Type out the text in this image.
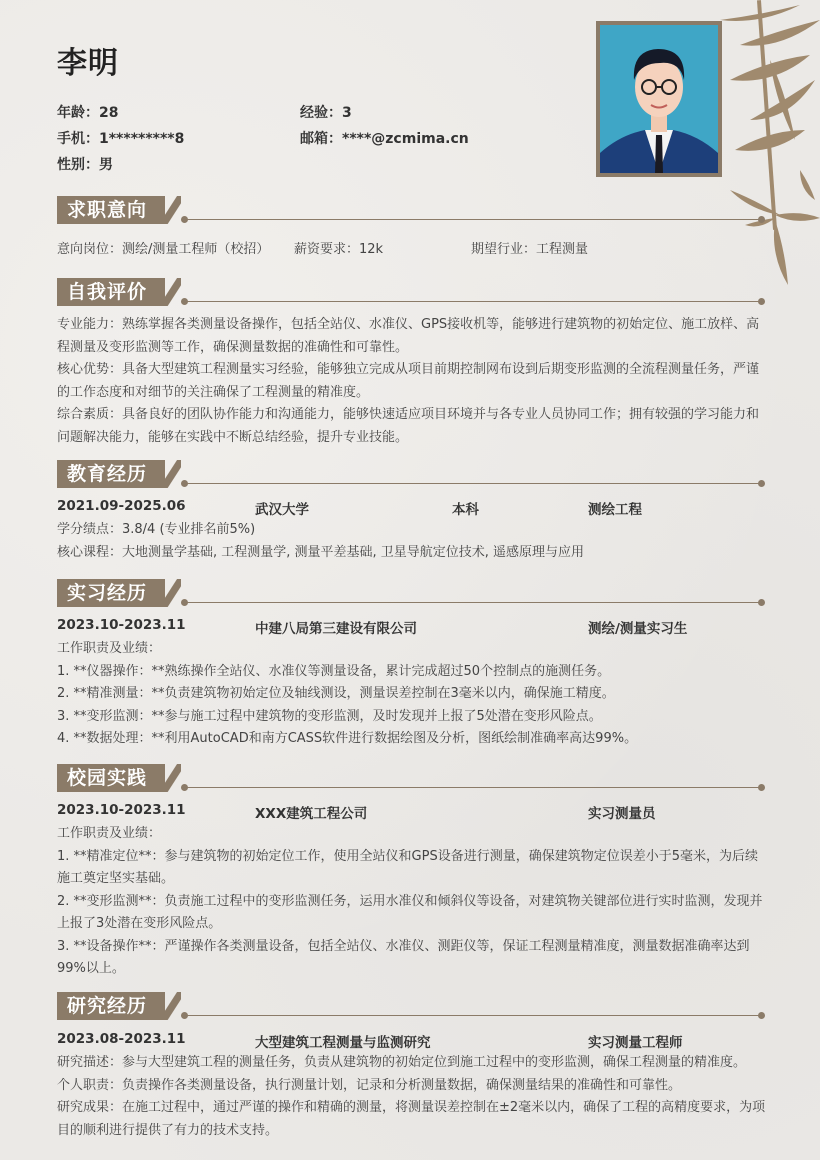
李明
年龄：28	经验：3
手机：1*********8	邮箱：****@zcmima.cn
性别：男
求职意向
意向岗位：测绘/测量工程师（校招） 薪资要求：12k	期望行业：工程测量
自我评价

专业能力：熟练掌握各类测量设备操作，包括全站仪、水准仪、GPS接收机等，能够进行建筑物的初始定位、施工放样、高程测量及变形监测等工作，确保测量数据的准确性和可靠性。

核心优势：具备大型建筑工程测量实习经验，能够独立完成从项目前期控制网布设到后期变形监测的全流程测量任务，严谨的工作态度和对细节的关注确保了工程测量的精准度。

综合素质：具备良好的团队协作能力和沟通能力，能够快速适应项目环境并与各专业人员协同工作；拥有较强的学习能力和问题解决能力，能够在实践中不断总结经验，提升专业技能。

教育经历
2021.09-2025.06	武汉大学	本科	测绘工程

学分绩点：3.8/4 (专业排名前5%)

核心课程：大地测量学基础, 工程测量学, 测量平差基础, 卫星导航定位技术, 遥感原理与应用

实习经历
2023.10-2023.11	中建八局第三建设有限公司	测绘/测量实习生

工作职责及业绩：

1. **仪器操作：**熟练操作全站仪、水准仪等测量设备，累计完成超过50个控制点的施测任务。

2. **精准测量：**负责建筑物初始定位及轴线测设，测量误差控制在3毫米以内，确保施工精度。

3. **变形监测：**参与施工过程中建筑物的变形监测，及时发现并上报了5处潜在变形风险点。

4. **数据处理：**利用AutoCAD和南方CASS软件进行数据绘图及分析，图纸绘制准确率高达99%。

校园实践
2023.10-2023.11	XXX建筑工程公司	实习测量员

工作职责及业绩：

1. **精准定位**：参与建筑物的初始定位工作，使用全站仪和GPS设备进行测量，确保建筑物定位误差小于5毫米，为后续施工奠定坚实基础。

2. **变形监测**：负责施工过程中的变形监测任务，运用水准仪和倾斜仪等设备，对建筑物关键部位进行实时监测，发现并上报了3处潜在变形风险点。

3. **设备操作**：严谨操作各类测量设备，包括全站仪、水准仪、测距仪等，保证工程测量精准度，测量数据准确率达到99%以上。

研究经历
2023.08-2023.11	大型建筑工程测量与监测研究	实习测量工程师

研究描述：参与大型建筑工程的测量任务，负责从建筑物的初始定位到施工过程中的变形监测，确保工程测量的精准度。

个人职责：负责操作各类测量设备，执行测量计划，记录和分析测量数据，确保测量结果的准确性和可靠性。

研究成果：在施工过程中，通过严谨的操作和精确的测量，将测量误差控制在±2毫米以内，确保了工程的高精度要求，为项目的顺利进行提供了有力的技术支持。
